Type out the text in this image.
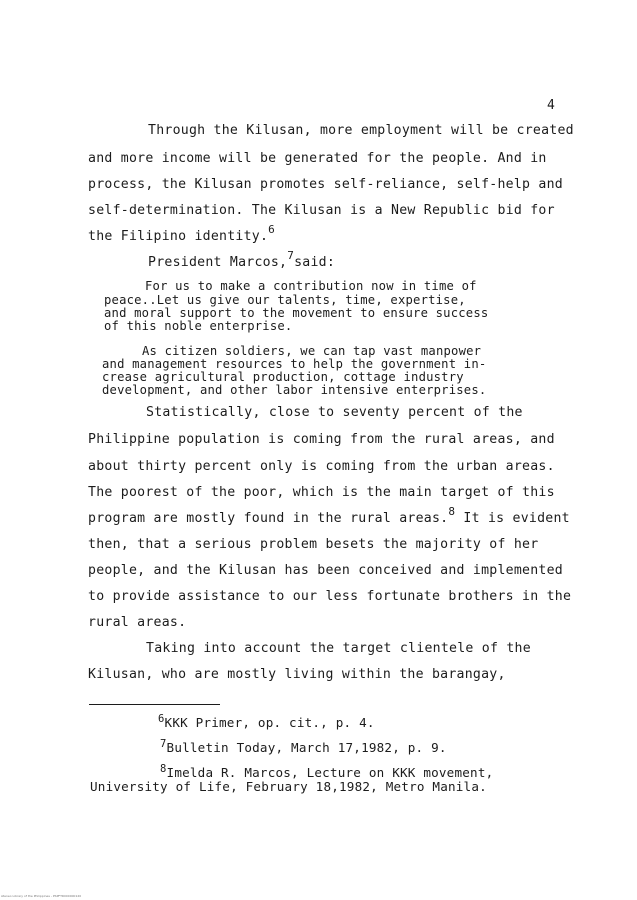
4
Through the Kilusan, more employment will be created
and more income will be generated for the people. And in
process, the Kilusan promotes self-reliance, self-help and
self-determination. The Kilusan is a New Republic bid for
the Filipino identity.$^6$
President Marcos,$^7$said:
For us to make a contribution now in time of
peace..Let us give our talents, time, expertise,
and moral support to the movement to ensure success
of this noble enterprise.
As citizen soldiers, we can tap vast manpower
and management resources to help the government in-
crease agricultural production, cottage industry
development, and other labor intensive enterprises.
Statistically, close to seventy percent of the
Philippine population is coming from the rural areas, and
about thirty percent only is coming from the urban areas.
The poorest of the poor, which is the main target of this
program are mostly found in the rural areas.$^8$ It is evident
then, that a serious problem besets the majority of her
people, and the Kilusan has been conceived and implemented
to provide assistance to our less fortunate brothers in the
rural areas.
Taking into account the target clientele of the
Kilusan, who are mostly living within the barangay,
$^6$KKK Primer, op. cit., p. 4.
$^7$Bulletin Today, March 17,1982, p. 9.
$^8$Imelda R. Marcos, Lecture on KKK movement,
University of Life, February 18,1982, Metro Manila.
Ateneo Library of the Philippines - PSPFTR000000120
